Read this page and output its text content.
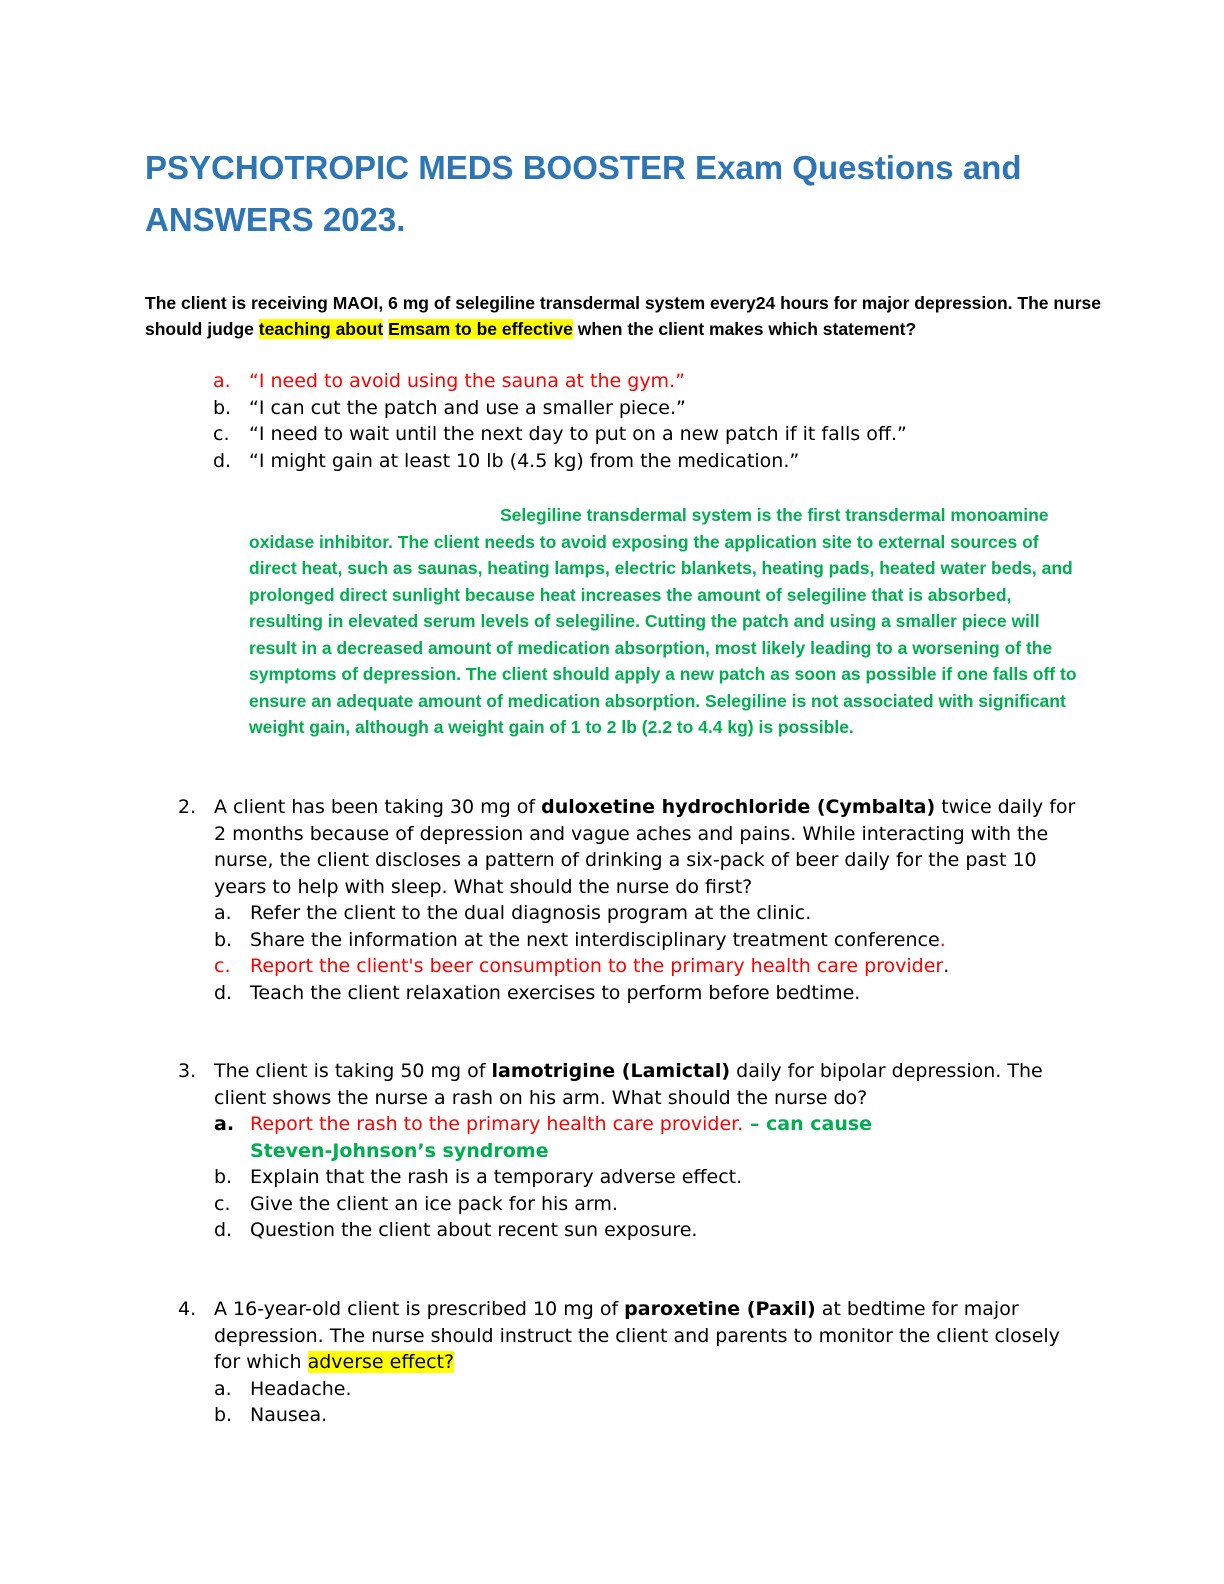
PSYCHOTROPIC MEDS BOOSTER Exam Questions and ANSWERS 2023.

The client is receiving MAOI, 6 mg of selegiline transdermal system every24 hours for major depression. The nurse should judge teaching about Emsam to be effective when the client makes which statement?

a. “I need to avoid using the sauna at the gym.”
b. “I can cut the patch and use a smaller piece.”
c.	“I need to wait until the next day to put on a new patch if it falls off.”
d. “I might gain at least 10 lb (4.5 kg) from the medication.”

Selegiline transdermal system is the first transdermal monoamine oxidase inhibitor. The client needs to avoid exposing the application site to external sources of direct heat, such as saunas, heating lamps, electric blankets, heating pads, heated water beds, and prolonged direct sunlight because heat increases the amount of selegiline that is absorbed, resulting in elevated serum levels of selegiline. Cutting the patch and using a smaller piece will result in a decreased amount of medication absorption, most likely leading to a worsening of the symptoms of depression. The client should apply a new patch as soon as possible if one falls off to ensure an adequate amount of medication absorption. Selegiline is not associated with significant weight gain, although a weight gain of 1 to 2 lb (2.2 to 4.4 kg) is possible.

2. A client has been taking 30 mg of duloxetine hydrochloride (Cymbalta) twice daily for 2 months because of depression and vague aches and pains. While interacting with the nurse, the client discloses a pattern of drinking a six-pack of beer daily for the past 10 years to help with sleep. What should the nurse do first?
a. Refer the client to the dual diagnosis program at the clinic.
b. Share the information at the next interdisciplinary treatment conference .
c.	Report the client's beer consumption to the primary health care provider .
d. Teach the client relaxation exercises to perform before bedtime.
3. The client is taking 50 mg of lamotrigine (Lamictal) daily for bipolar depression. The client shows the nurse a rash on his arm. What should the nurse do?
a. Report the rash to the primary health care provider. – can cause
Steven-Johnson’s syndrome
b. Explain that the rash is a temporary adverse effect.
c.	Give the client an ice pack for his arm.
d. Question the client about recent sun exposure.
4. A 16-year-old client is prescribed 10 mg of paroxetine (Paxil) at bedtime for major depression. The nurse should instruct the client and parents to monitor the client closely for which adverse effect?
a. Headache.
b. Nausea.
